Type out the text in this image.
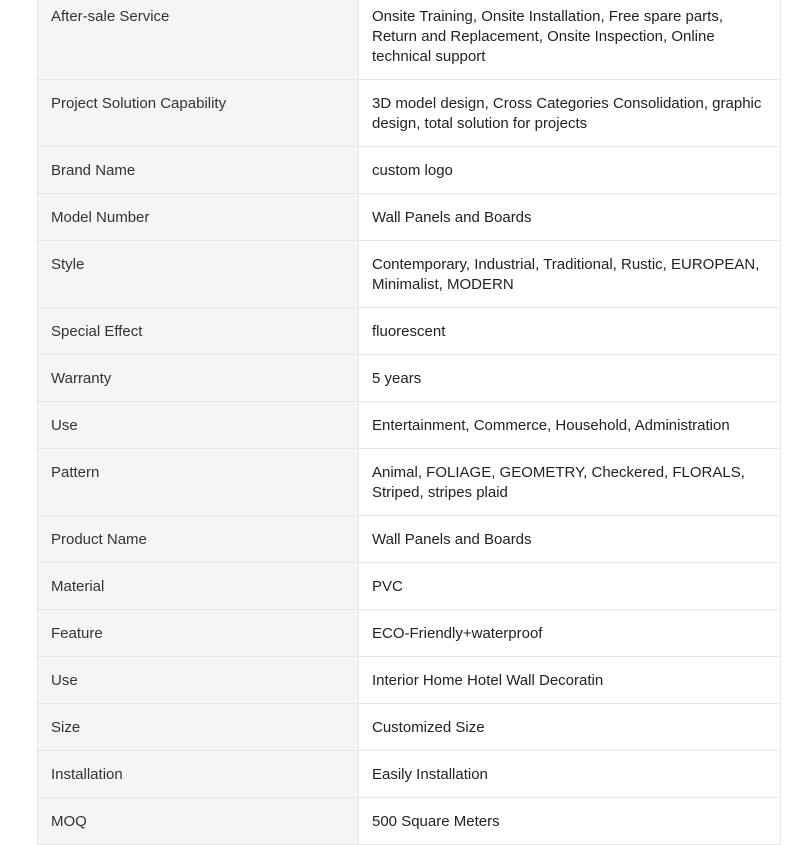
After-sale Service	Onsite Training, Onsite Installation, Free spare parts, Return and Replacement, Onsite Inspection, Online technical support
Project Solution Capability	3D model design, Cross Categories Consolidation, graphic design, total solution for projects
Brand Name	custom logo
Model Number	Wall Panels and Boards
Style	Contemporary, Industrial, Traditional, Rustic, EUROPEAN, Minimalist, MODERN
Special Effect	fluorescent
Warranty	5 years
Use	Entertainment, Commerce, Household, Administration
Pattern	Animal, FOLIAGE, GEOMETRY, Checkered, FLORALS, Striped, stripes plaid
Product Name	Wall Panels and Boards
Material	PVC
Feature	ECO-Friendly+waterproof
Use	Interior Home Hotel Wall Decoratin
Size	Customized Size
Installation	Easily Installation
MOQ	500 Square Meters
